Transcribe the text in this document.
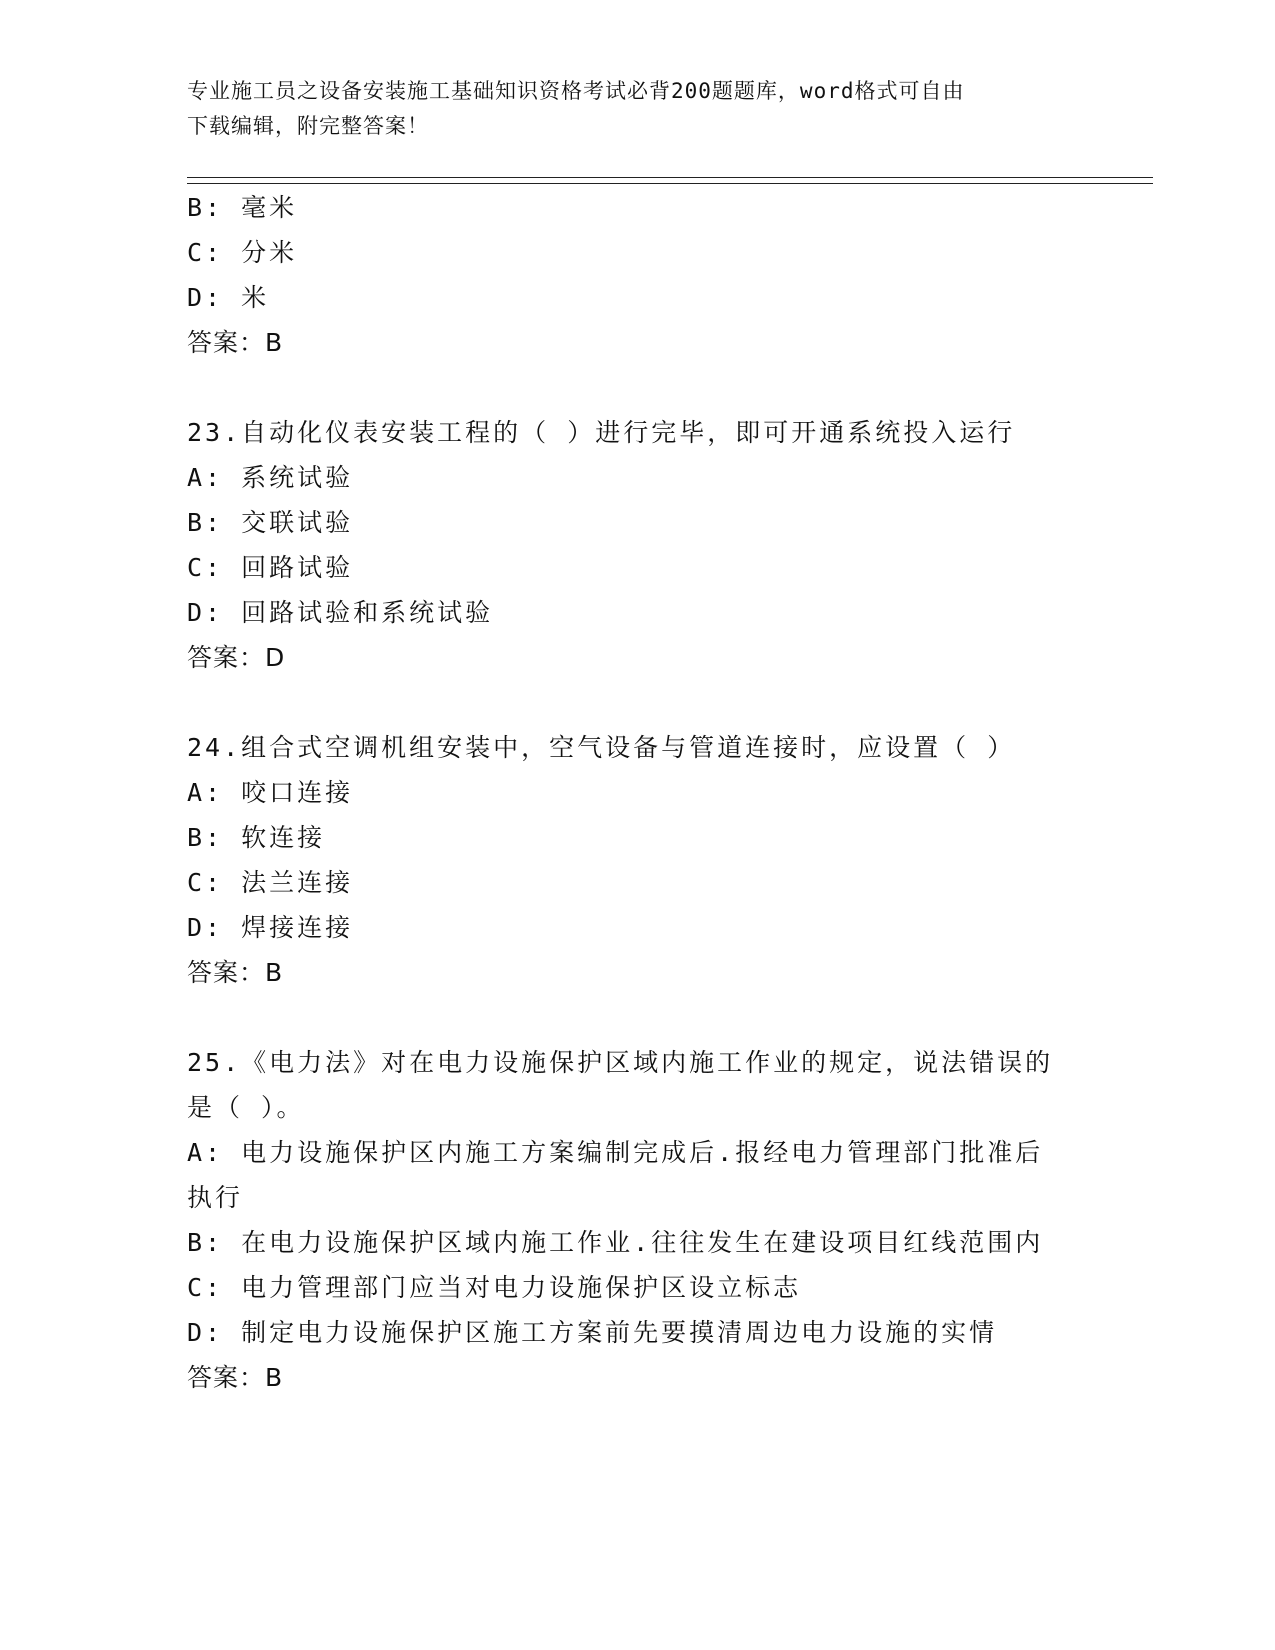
专业施工员之设备安装施工基础知识资格考试必背200题题库，word格式可自由
下载编辑，附完整答案！
B: 毫米
C: 分米
D: 米
答案：B
23.自动化仪表安装工程的（ ）进行完毕，即可开通系统投入运行
A: 系统试验
B: 交联试验
C: 回路试验
D: 回路试验和系统试验
答案：D
24.组合式空调机组安装中，空气设备与管道连接时，应设置（ ）
A: 咬口连接
B: 软连接
C: 法兰连接
D: 焊接连接
答案：B
25.《电力法》对在电力设施保护区域内施工作业的规定，说法错误的
是（ ）。
A: 电力设施保护区内施工方案编制完成后.报经电力管理部门批准后
执行
B: 在电力设施保护区域内施工作业.往往发生在建设项目红线范围内
C: 电力管理部门应当对电力设施保护区设立标志
D: 制定电力设施保护区施工方案前先要摸清周边电力设施的实情
答案：B
